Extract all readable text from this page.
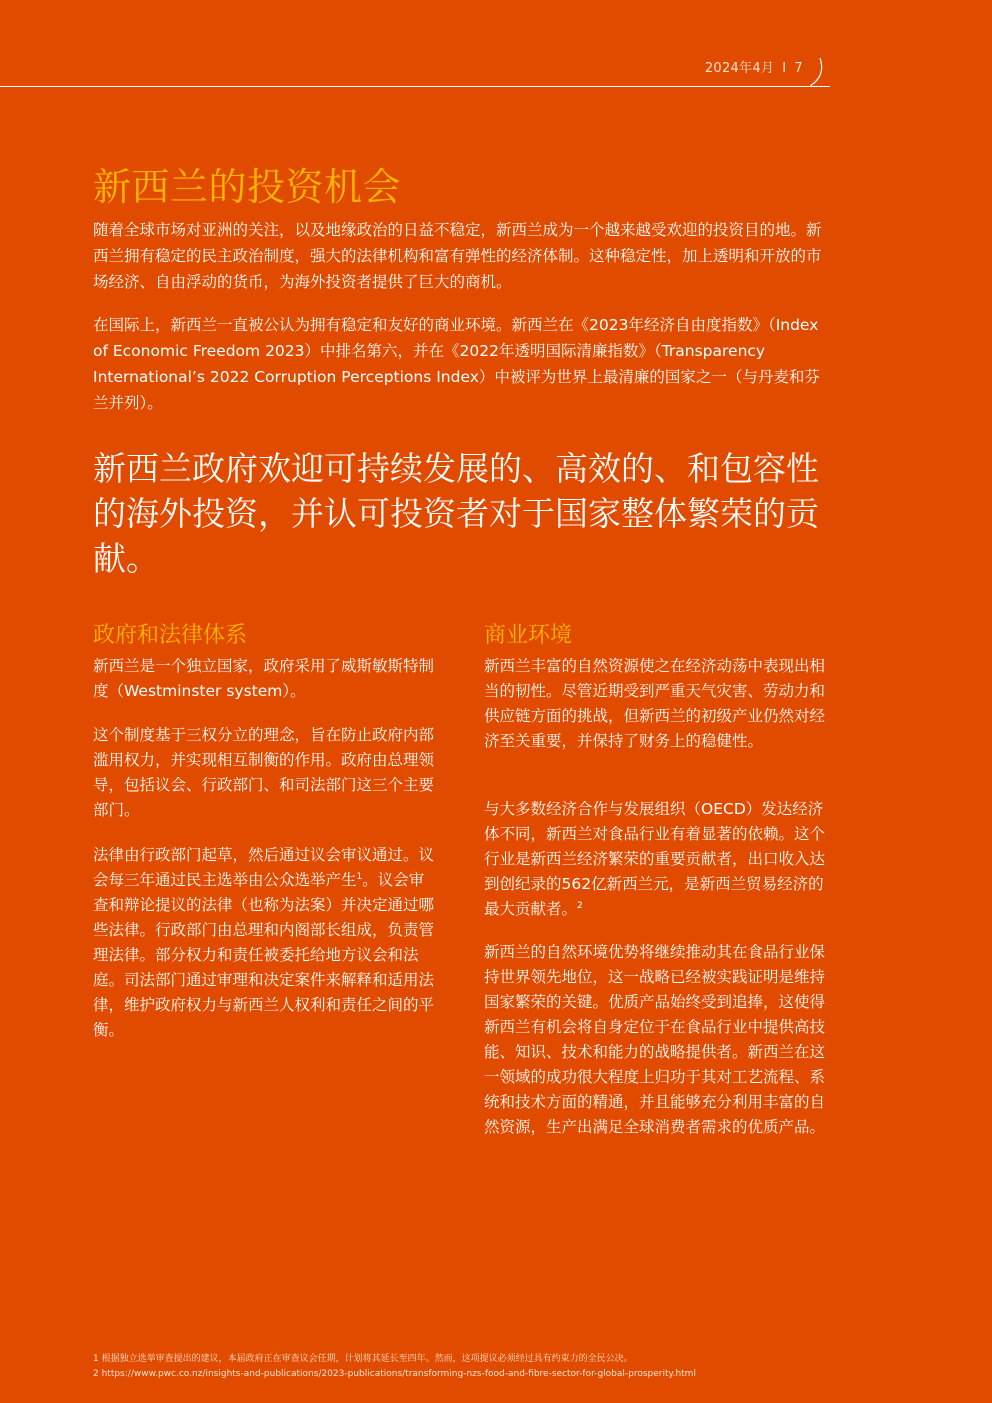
2024年4月 I 7
新西兰的投资机会

随着全球市场对亚洲的关注，以及地缘政治的日益不稳定，新西兰成为一个越来越受欢迎的投资目的地。新西兰拥有稳定的民主政治制度，强大的法律机构和富有弹性的经济体制。这种稳定性，加上透明和开放的市场经济、自由浮动的货币，为海外投资者提供了巨大的商机。

在国际上，新西兰一直被公认为拥有稳定和友好的商业环境。新西兰在《2023年经济自由度指数》（Index of Economic Freedom 2023）中排名第六，并在《2022年透明国际清廉指数》（Transparency International’s 2022 Corruption Perceptions Index）中被评为世界上最清廉的国家之一（与丹麦和芬兰并列）。

新西兰政府欢迎可持续发展的、高效的、和包容性的海外投资，并认可投资者对于国家整体繁荣的贡献。

政府和法律体系

新西兰是一个独立国家，政府采用了威斯敏斯特制度（Westminster system）。

这个制度基于三权分立的理念，旨在防止政府内部滥用权力，并实现相互制衡的作用。政府由总理领导，包括议会、行政部门、和司法部门这三个主要部门。

法律由行政部门起草，然后通过议会审议通过。议会每三年通过民主选举由公众选举产生$^1$。议会审查和辩论提议的法律（也称为法案）并决定通过哪些法律。行政部门由总理和内阁部长组成，负责管理法律。部分权力和责任被委托给地方议会和法庭。司法部门通过审理和决定案件来解释和适用法律，维护政府权力与新西兰人权利和责任之间的平衡。

商业环境

新西兰丰富的自然资源使之在经济动荡中表现出相当的韧性。尽管近期受到严重天气灾害、劳动力和供应链方面的挑战，但新西兰的初级产业仍然对经济至关重要，并保持了财务上的稳健性。

与大多数经济合作与发展组织（OECD）发达经济体不同，新西兰对食品行业有着显著的依赖。这个行业是新西兰经济繁荣的重要贡献者，出口收入达到创纪录的562亿新西兰元，是新西兰贸易经济的最大贡献者。$^2$

新西兰的自然环境优势将继续推动其在食品行业保持世界领先地位，这一战略已经被实践证明是维持国家繁荣的关键。优质产品始终受到追捧，这使得新西兰有机会将自身定位于在食品行业中提供高技能、知识、技术和能力的战略提供者。新西兰在这一领域的成功很大程度上归功于其对工艺流程、系统和技术方面的精通，并且能够充分利用丰富的自然资源，生产出满足全球消费者需求的优质产品。

1 根据独立选举审查提出的建议，本届政府正在审查议会任期，计划将其延长至四年。然而，这项提议必须经过具有约束力的全民公决。
2 https://www.pwc.co.nz/insights-and-publications/2023-publications/transforming-nzs-food-and-fibre-sector-for-global-prosperity.html
